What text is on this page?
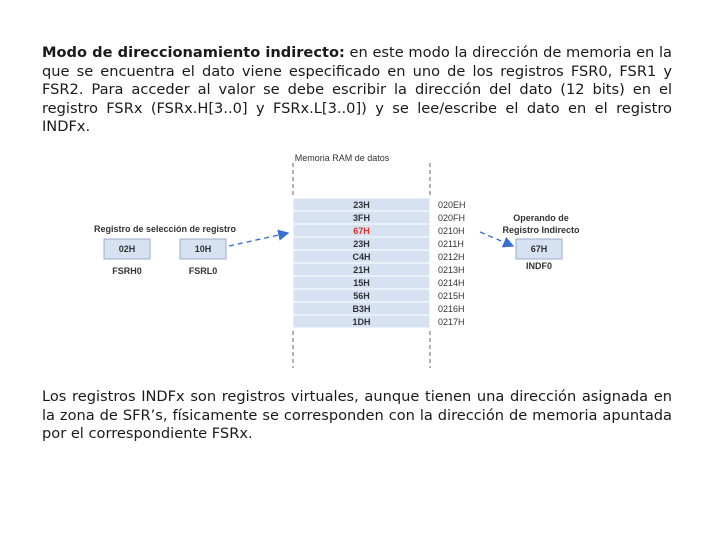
Modo de direccionamiento indirecto: en este modo la dirección de memoria en la que se encuentra el dato viene especificado en uno de los registros FSR0, FSR1 y FSR2. Para acceder al valor se debe escribir la dirección del dato (12 bits) en el registro FSRx (FSRx.H[3..0] y FSRx.L[3..0]) y se lee/escribe el dato en el registro INDFx.

Memoria RAM de datos
23H	020EH
3FH	020FH
67H	0210H
23H	0211H
C4H	0212H
21H	0213H
15H	0214H
56H	0215H
B3H	0216H
1DH	0217H
Registro de selección de registro
02H
FSRH0
10H
FSRL0
Operando de
Registro Indirecto
67H
INDF0

Los registros INDFx son registros virtuales, aunque tienen una dirección asignada en la zona de SFR’s, físicamente se corresponden con la dirección de memoria apuntada por el correspondiente FSRx.
